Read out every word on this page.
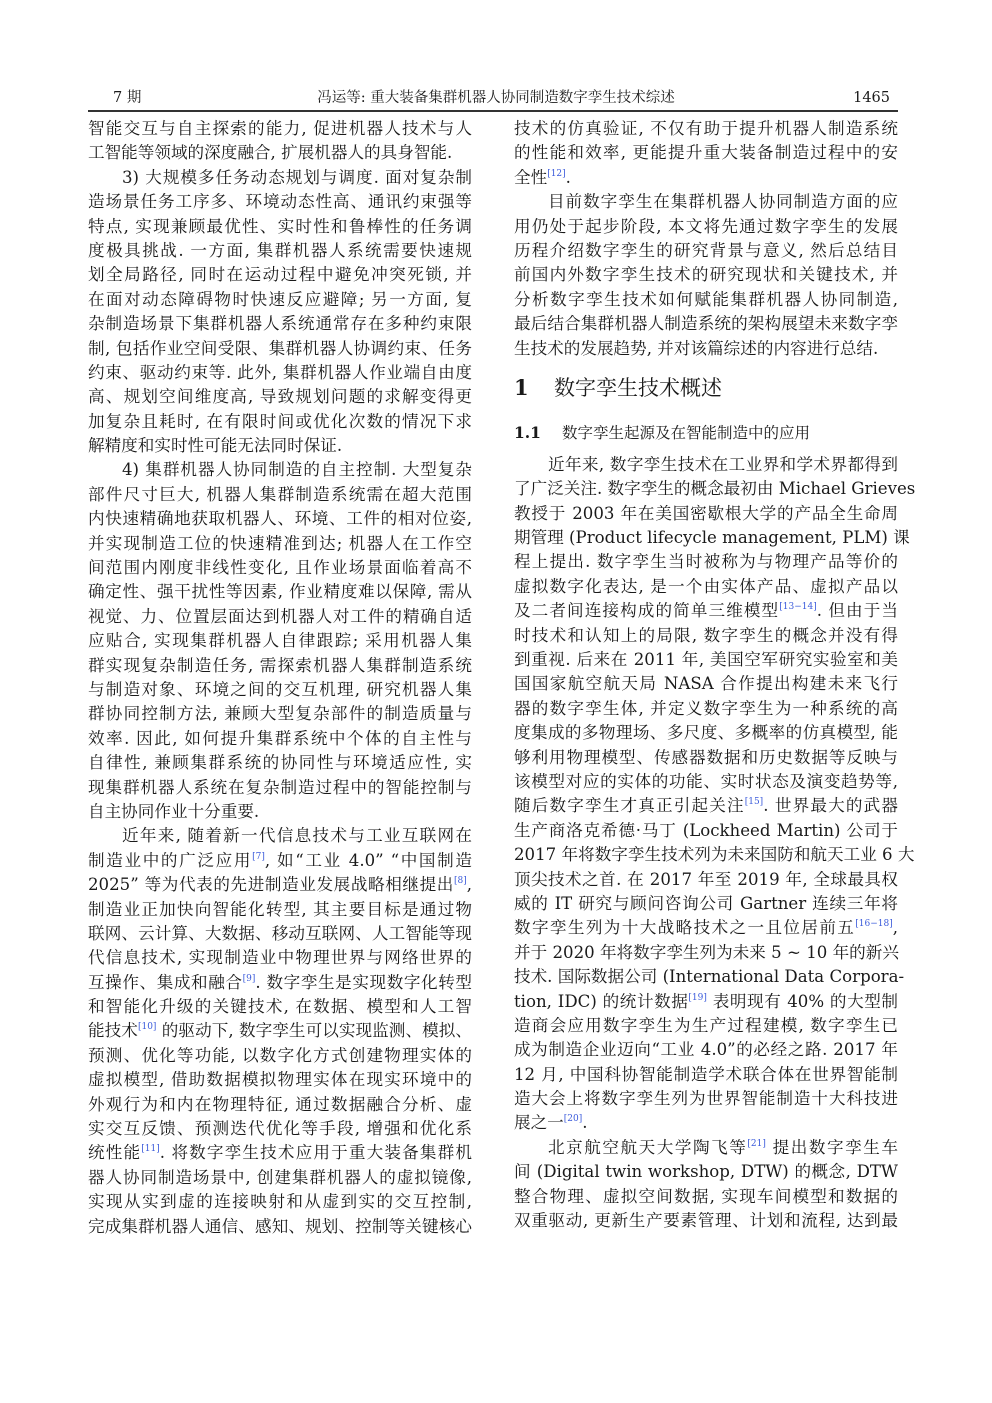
冯运等: 重大装备集群机器人协同制造数字孪生技术综述
7 期	1465
智能交互与自主探索的能力, 促进机器人技术与人
工智能等领域的深度融合, 扩展机器人的具身智能.
3) 大规模多任务动态规划与调度. 面对复杂制
造场景任务工序多、环境动态性高、通讯约束强等
特点, 实现兼顾最优性、实时性和鲁棒性的任务调
度极具挑战. 一方面, 集群机器人系统需要快速规
划全局路径, 同时在运动过程中避免冲突死锁, 并
在面对动态障碍物时快速反应避障; 另一方面, 复
杂制造场景下集群机器人系统通常存在多种约束限
制, 包括作业空间受限、集群机器人协调约束、任务
约束、驱动约束等. 此外, 集群机器人作业端自由度
高、规划空间维度高, 导致规划问题的求解变得更
加复杂且耗时, 在有限时间或优化次数的情况下求
解精度和实时性可能无法同时保证.
4) 集群机器人协同制造的自主控制. 大型复杂
部件尺寸巨大, 机器人集群制造系统需在超大范围
内快速精确地获取机器人、环境、工件的相对位姿,
并实现制造工位的快速精准到达; 机器人在工作空
间范围内刚度非线性变化, 且作业场景面临着高不
确定性、强干扰性等因素, 作业精度难以保障, 需从
视觉、力、位置层面达到机器人对工件的精确自适
应贴合, 实现集群机器人自律跟踪; 采用机器人集
群实现复杂制造任务, 需探索机器人集群制造系统
与制造对象、环境之间的交互机理, 研究机器人集
群协同控制方法, 兼顾大型复杂部件的制造质量与
效率. 因此, 如何提升集群系统中个体的自主性与
自律性, 兼顾集群系统的协同性与环境适应性, 实
现集群机器人系统在复杂制造过程中的智能控制与
自主协同作业十分重要.
近年来, 随着新一代信息技术与工业互联网在
制造业中的广泛应用[7], 如“工业 4.0” “中国制造
2025” 等为代表的先进制造业发展战略相继提出[8],
制造业正加快向智能化转型, 其主要目标是通过物
联网、云计算、大数据、移动互联网、人工智能等现
代信息技术, 实现制造业中物理世界与网络世界的
互操作、集成和融合[9]. 数字孪生是实现数字化转型
和智能化升级的关键技术, 在数据、模型和人工智
能技术[10] 的驱动下, 数字孪生可以实现监测、模拟、
预测、优化等功能, 以数字化方式创建物理实体的
虚拟模型, 借助数据模拟物理实体在现实环境中的
外观行为和内在物理特征, 通过数据融合分析、虚
实交互反馈、预测迭代优化等手段, 增强和优化系
统性能[11]. 将数字孪生技术应用于重大装备集群机
器人协同制造场景中, 创建集群机器人的虚拟镜像,
实现从实到虚的连接映射和从虚到实的交互控制,
完成集群机器人通信、感知、规划、控制等关键核心
技术的仿真验证, 不仅有助于提升机器人制造系统
的性能和效率, 更能提升重大装备制造过程中的安
全性[12].
目前数字孪生在集群机器人协同制造方面的应
用仍处于起步阶段, 本文将先通过数字孪生的发展
历程介绍数字孪生的研究背景与意义, 然后总结目
前国内外数字孪生技术的研究现状和关键技术, 并
分析数字孪生技术如何赋能集群机器人协同制造,
最后结合集群机器人制造系统的架构展望未来数字孪
生技术的发展趋势, 并对该篇综述的内容进行总结.
1 数字孪生技术概述
1.1 数字孪生起源及在智能制造中的应用
近年来, 数字孪生技术在工业界和学术界都得到
了广泛关注. 数字孪生的概念最初由 Michael Grieves
教授于 2003 年在美国密歇根大学的产品全生命周
期管理 (Product lifecycle management, PLM) 课
程上提出. 数字孪生当时被称为与物理产品等价的
虚拟数字化表达, 是一个由实体产品、虚拟产品以
及二者间连接构成的简单三维模型[13−14]. 但由于当
时技术和认知上的局限, 数字孪生的概念并没有得
到重视. 后来在 2011 年, 美国空军研究实验室和美
国国家航空航天局 NASA 合作提出构建未来飞行
器的数字孪生体, 并定义数字孪生为一种系统的高
度集成的多物理场、多尺度、多概率的仿真模型, 能
够利用物理模型、传感器数据和历史数据等反映与
该模型对应的实体的功能、实时状态及演变趋势等,
随后数字孪生才真正引起关注[15]. 世界最大的武器
生产商洛克希德·马丁 (Lockheed Martin) 公司于
2017 年将数字孪生技术列为未来国防和航天工业 6 大
顶尖技术之首. 在 2017 年至 2019 年, 全球最具权
威的 IT 研究与顾问咨询公司 Gartner 连续三年将
数字孪生列为十大战略技术之一且位居前五[16−18],
并于 2020 年将数字孪生列为未来 5 ~ 10 年的新兴
技术. 国际数据公司 (International Data Corpora-
tion, IDC) 的统计数据[19] 表明现有 40% 的大型制
造商会应用数字孪生为生产过程建模, 数字孪生已
成为制造企业迈向“工业 4.0”的必经之路. 2017 年
12 月, 中国科协智能制造学术联合体在世界智能制
造大会上将数字孪生列为世界智能制造十大科技进
展之一[20].
北京航空航天大学陶飞等[21] 提出数字孪生车
间 (Digital twin workshop, DTW) 的概念, DTW
整合物理、虚拟空间数据, 实现车间模型和数据的
双重驱动, 更新生产要素管理、计划和流程, 达到最
